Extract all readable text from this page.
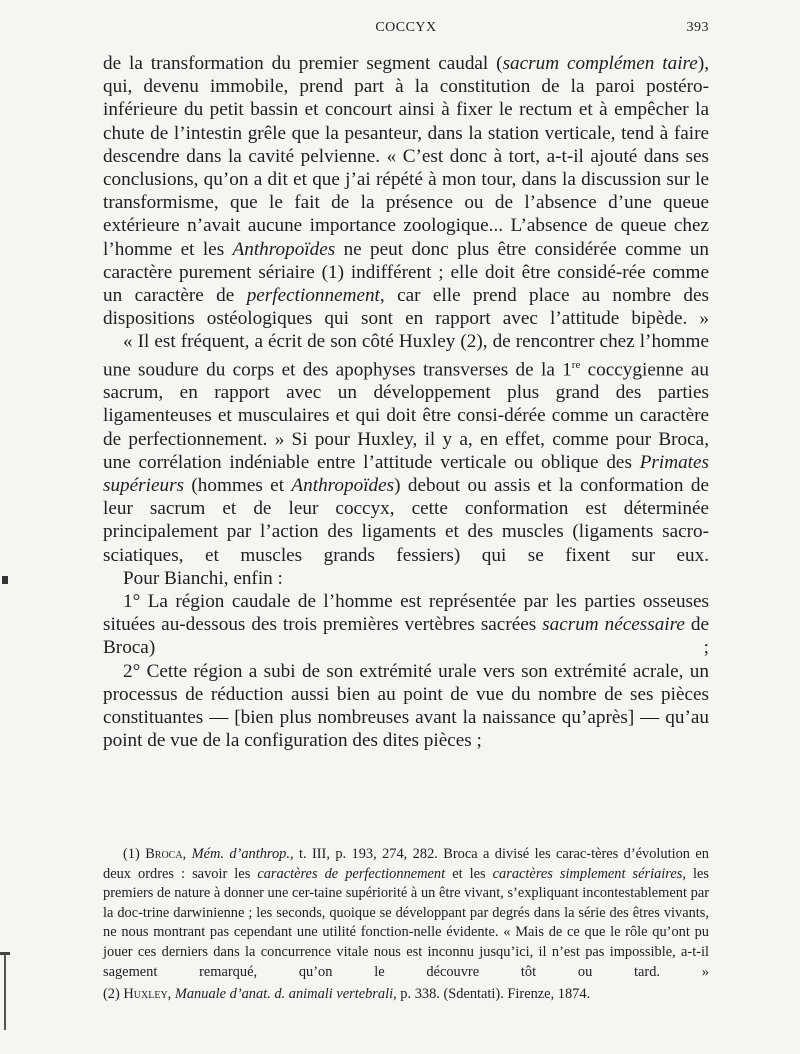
COCCYX	393

de la transformation du premier segment caudal (sacrum complémen taire), qui, devenu immobile, prend part à la constitution de la paroi postéro-inférieure du petit bassin et concourt ainsi à fixer le rectum et à empêcher la chute de l’intestin grêle que la pesanteur, dans la station verticale, tend à faire descendre dans la cavité pelvienne. « C’est donc à tort, a-t-il ajouté dans ses conclusions, qu’on a dit et que j’ai répété à mon tour, dans la discussion sur le transformisme, que le fait de la présence ou de l’absence d’une queue extérieure n’avait aucune importance zoologique... L’absence de queue chez l’homme et les Anthropoïdes ne peut donc plus être considérée comme un caractère purement sériaire (1) indifférent ; elle doit être considé-rée comme un caractère de perfectionnement, car elle prend place au nombre des dispositions ostéologiques qui sont en rapport avec l’attitude bipède. »

« Il est fréquent, a écrit de son côté Huxley (2), de rencontrer chez l’homme une soudure du corps et des apophyses transverses de la 1re coccygienne au sacrum, en rapport avec un développement plus grand des parties ligamenteuses et musculaires et qui doit être consi-dérée comme un caractère de perfectionnement. » Si pour Huxley, il y a, en effet, comme pour Broca, une corrélation indéniable entre l’attitude verticale ou oblique des Primates supérieurs (hommes et Anthropoïdes) debout ou assis et la conformation de leur sacrum et de leur coccyx, cette conformation est déterminée principalement par l’action des ligaments et des muscles (ligaments sacro-sciatiques, et muscles grands fessiers) qui se fixent sur eux.

Pour Bianchi, enfin :

1° La région caudale de l’homme est représentée par les parties osseuses situées au-dessous des trois premières vertèbres sacrées sacrum nécessaire de Broca) ;

2° Cette région a subi de son extrémité urale vers son extrémité acrale, un processus de réduction aussi bien au point de vue du nombre de ses pièces constituantes — [bien plus nombreuses avant la naissance qu’après] — qu’au point de vue de la configuration des dites pièces ;

(1) Broca, Mém. d’anthrop., t. III, p. 193, 274, 282. Broca a divisé les carac-tères d’évolution en deux ordres : savoir les caractères de perfectionnement et les caractères simplement sériaires, les premiers de nature à donner une cer-taine supériorité à un être vivant, s’expliquant incontestablement par la doc-trine darwinienne ; les seconds, quoique se développant par degrés dans la série des êtres vivants, ne nous montrant pas cependant une utilité fonction-nelle évidente. « Mais de ce que le rôle qu’ont pu jouer ces derniers dans la concurrence vitale nous est inconnu jusqu’ici, il n’est pas impossible, a-t-il sagement remarqué, qu’on le découvre tôt ou tard. »

(2) Huxley, Manuale d’anat. d. animali vertebrali, p. 338. (Sdentati). Firenze, 1874.
